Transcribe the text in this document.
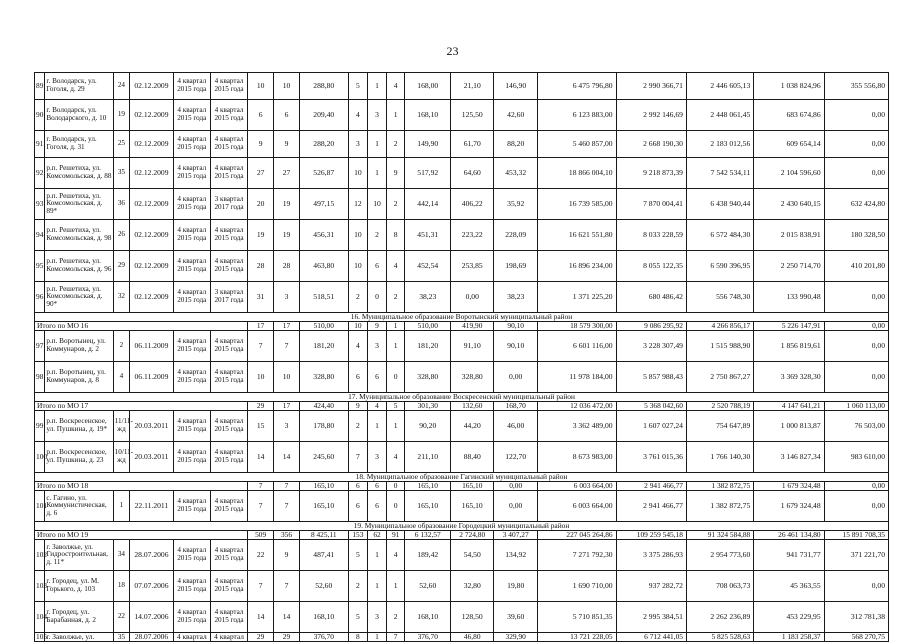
23
89	г. Володарск, ул. Гоголя, д. 29	24	02.12.2009	4 квартал 2015 года	4 квартал 2015 года	10	10	288,80	5	1	4	168,00	21,10	146,90	6 475 796,80	2 990 366,71	2 446 605,13	1 038 824,96	355 556,80
90	г. Володарск, ул. Володарского, д. 10	19	02.12.2009	4 квартал 2015 года	4 квартал 2015 года	6	6	209,40	4	3	1	168,10	125,50	42,60	6 123 883,00	2 992 146,69	2 448 061,45	683 674,86	0,00
91	г. Володарск, ул. Гоголя, д. 31	25	02.12.2009	4 квартал 2015 года	4 квартал 2015 года	9	9	288,20	3	1	2	149,90	61,70	88,20	5 460 857,00	2 668 190,30	2 183 012,56	609 654,14	0,00
92	р.п. Решетиха, ул. Комсомольская, д. 88	35	02.12.2009	4 квартал 2015 года	4 квартал 2015 года	27	27	526,87	10	1	9	517,92	64,60	453,32	18 866 004,10	9 218 873,39	7 542 534,11	2 104 596,60	0,00
93	р.п. Решетиха, ул. Комсомольская, д. 89*	36	02.12.2009	4 квартал 2015 года	3 квартал 2017 года	20	19	497,15	12	10	2	442,14	406,22	35,92	16 739 585,00	7 870 004,41	6 438 940,44	2 430 640,15	632 424,80
94	р.п. Решетиха, ул. Комсомольская, д. 98	26	02.12.2009	4 квартал 2015 года	4 квартал 2015 года	19	19	456,31	10	2	8	451,31	223,22	228,09	16 621 551,80	8 033 228,59	6 572 484,30	2 015 838,91	180 328,50
95	р.п. Решетиха, ул. Комсомольская, д. 96	29	02.12.2009	4 квартал 2015 года	4 квартал 2015 года	28	28	463,80	10	6	4	452,54	253,85	198,69	16 896 234,00	8 055 122,35	6 590 396,95	2 250 714,70	410 201,80
96	р.п. Решетиха, ул. Комсомольская, д. 90*	32	02.12.2009	4 квартал 2015 года	3 квартал 2017 года	31	3	518,51	2	0	2	38,23	0,00	38,23	1 371 225,20	680 486,42	556 748,30	133 990,48	0,00
16. Муниципальное образование Воротынский муниципальный район																			
Итого по МО 16						17	17	510,00	10	9	1	510,00	419,90	90,10	18 579 300,00	9 086 295,92	4 266 856,17	5 226 147,91	0,00
97	р.п. Воротынец, ул. Коммунаров, д. 2	2	06.11.2009	4 квартал 2015 года	4 квартал 2015 года	7	7	181,20	4	3	1	181,20	91,10	90,10	6 601 116,00	3 228 307,49	1 515 988,90	1 856 819,61	0,00
98	р.п. Воротынец, ул. Коммунаров, д. 8	4	06.11.2009	4 квартал 2015 года	4 квартал 2015 года	10	10	328,80	6	6	0	328,80	328,80	0,00	11 978 184,00	5 857 988,43	2 750 867,27	3 369 328,30	0,00
17. Муниципальное образование Воскресенский муниципальный район																			
Итого по МО 17						29	17	424,40	9	4	5	301,30	132,60	168,70	12 036 472,00	5 368 042,60	2 520 788,19	4 147 641,21	1 060 113,00
99	р.п. Воскресенское, ул. Пушкина, д. 19*	11/11-жд	20.03.2011	4 квартал 2015 года	4 квартал 2015 года	15	3	178,80	2	1	1	90,20	44,20	46,00	3 362 489,00	1 607 027,24	754 647,89	1 000 813,87	76 503,00
100	р.п. Воскресенское, ул. Пушкина, д. 23	10/11-жд	20.03.2011	4 квартал 2015 года	4 квартал 2015 года	14	14	245,60	7	3	4	211,10	88,40	122,70	8 673 983,00	3 761 015,36	1 766 140,30	3 146 827,34	983 610,00
18. Муниципальное образование Гагинский муниципальный район																			
Итого по МО 18						7	7	165,10	6	6	0	165,10	165,10	0,00	6 003 664,00	2 941 466,77	1 382 872,75	1 679 324,48	0,00
101	с. Гагино, ул. Коммунистическая, д. 6	1	22.11.2011	4 квартал 2015 года	4 квартал 2015 года	7	7	165,10	6	6	0	165,10	165,10	0,00	6 003 664,00	2 941 466,77	1 382 872,75	1 679 324,48	0,00
19. Муниципальное образование Городецкий муниципальный район																			
Итого по МО 19						509	356	8 425,11	153	62	91	6 132,57	2 724,80	3 407,27	227 045 264,86	109 259 545,18	91 324 584,88	26 461 134,80	15 891 708,35
102	г. Заволжье, ул. Гидростроительная, д. 11*	34	28.07.2006	4 квартал 2015 года	4 квартал 2015 года	22	9	487,41	5	1	4	189,42	54,50	134,92	7 271 792,30	3 375 286,93	2 954 773,60	941 731,77	371 221,70
103	г. Городец, ул. М. Горького, д. 103	18	07.07.2006	4 квартал 2015 года	4 квартал 2015 года	7	7	52,60	2	1	1	52,60	32,80	19,80	1 690 710,00	937 282,72	708 063,73	45 363,55	0,00
104	г. Городец, ул. Барабанная, д. 2	22	14.07.2006	4 квартал 2015 года	4 квартал 2015 года	14	14	168,10	5	3	2	168,10	128,50	39,60	5 710 851,35	2 995 384,51	2 262 236,89	453 229,95	312 781,38
105	г. Заволжье, ул.	35	28.07.2006	4 квартал	4 квартал	29	29	376,70	8	1	7	376,70	46,80	329,90	13 721 228,05	6 712 441,05	5 825 528,63	1 183 258,37	568 270,75
